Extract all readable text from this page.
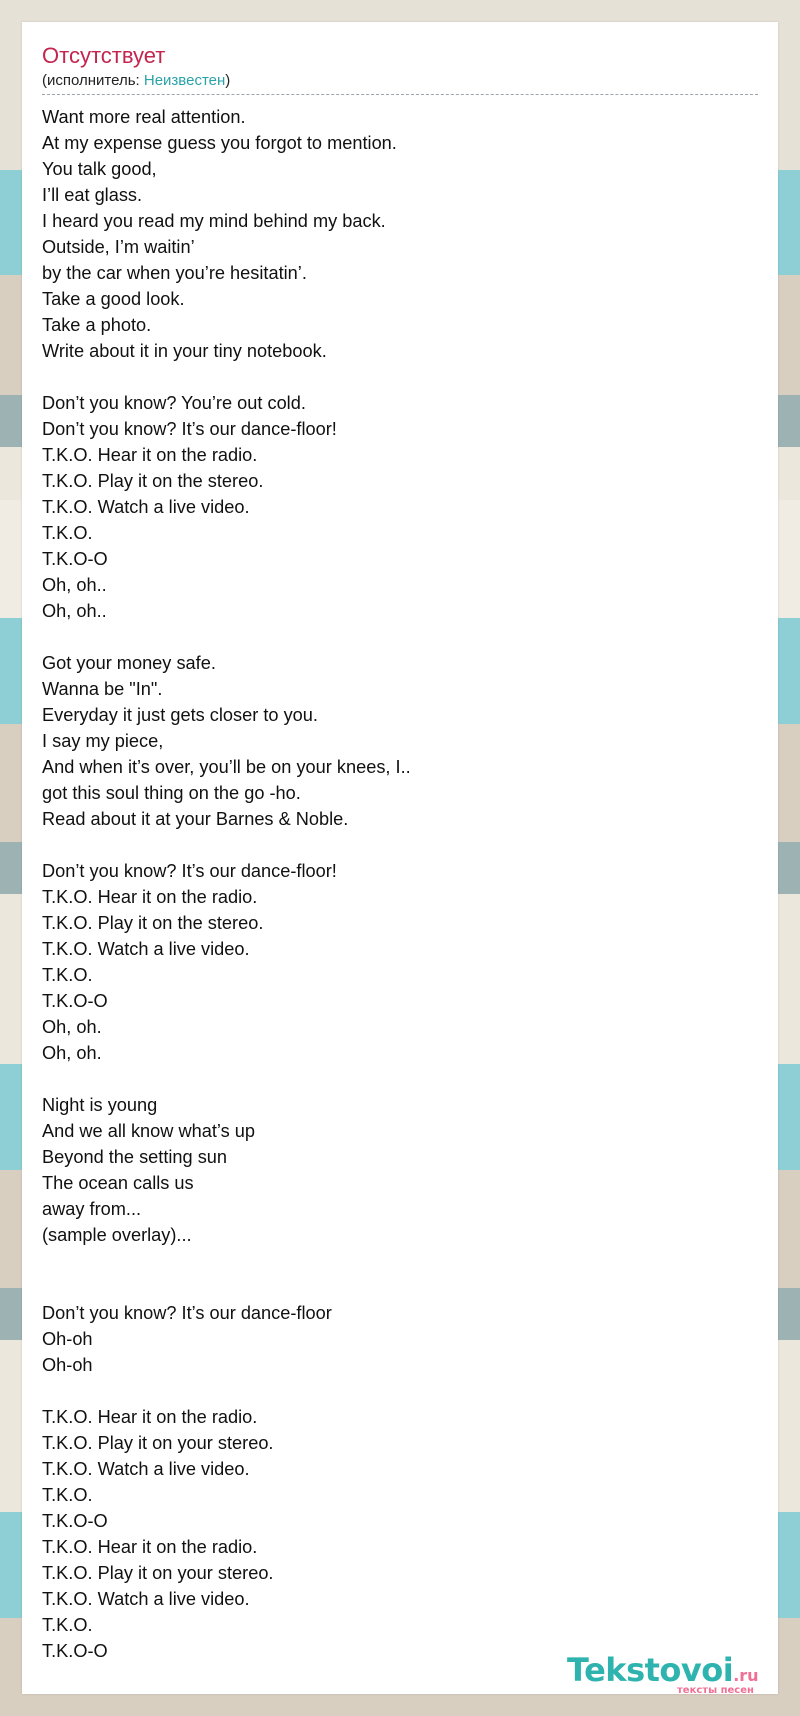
Отсутствует
(исполнитель: Неизвестен)
Want more real attention.
At my expense guess you forgot to mention.
You talk good,
I’ll eat glass.
I heard you read my mind behind my back.
Outside, I’m waitin’
by the car when you’re hesitatin’.
Take a good look.
Take a photo.
Write about it in your tiny notebook.

Don’t you know? You’re out cold.
Don’t you know? It’s our dance-floor!
T.K.O. Hear it on the radio.
T.K.O. Play it on the stereo.
T.K.O. Watch a live video.
T.K.O.
T.K.O-O
Oh, oh..
Oh, oh..

Got your money safe.
Wanna be "In".
Everyday it just gets closer to you.
I say my piece,
And when it’s over, you’ll be on your knees, I..
got this soul thing on the go -ho.
Read about it at your Barnes & Noble.

Don’t you know? It’s our dance-floor!
T.K.O. Hear it on the radio.
T.K.O. Play it on the stereo.
T.K.O. Watch a live video.
T.K.O.
T.K.O-O
Oh, oh.
Oh, oh.

Night is young
And we all know what’s up
Beyond the setting sun
The ocean calls us
away from...
(sample overlay)...

Don’t you know? It’s our dance-floor
Oh-oh
Oh-oh

T.K.O. Hear it on the radio.
T.K.O. Play it on your stereo.
T.K.O. Watch a live video.
T.K.O.
T.K.O-O
T.K.O. Hear it on the radio.
T.K.O. Play it on your stereo.
T.K.O. Watch a live video.
T.K.O.
T.K.O-O	Tekstovoi.ru
тексты песен
